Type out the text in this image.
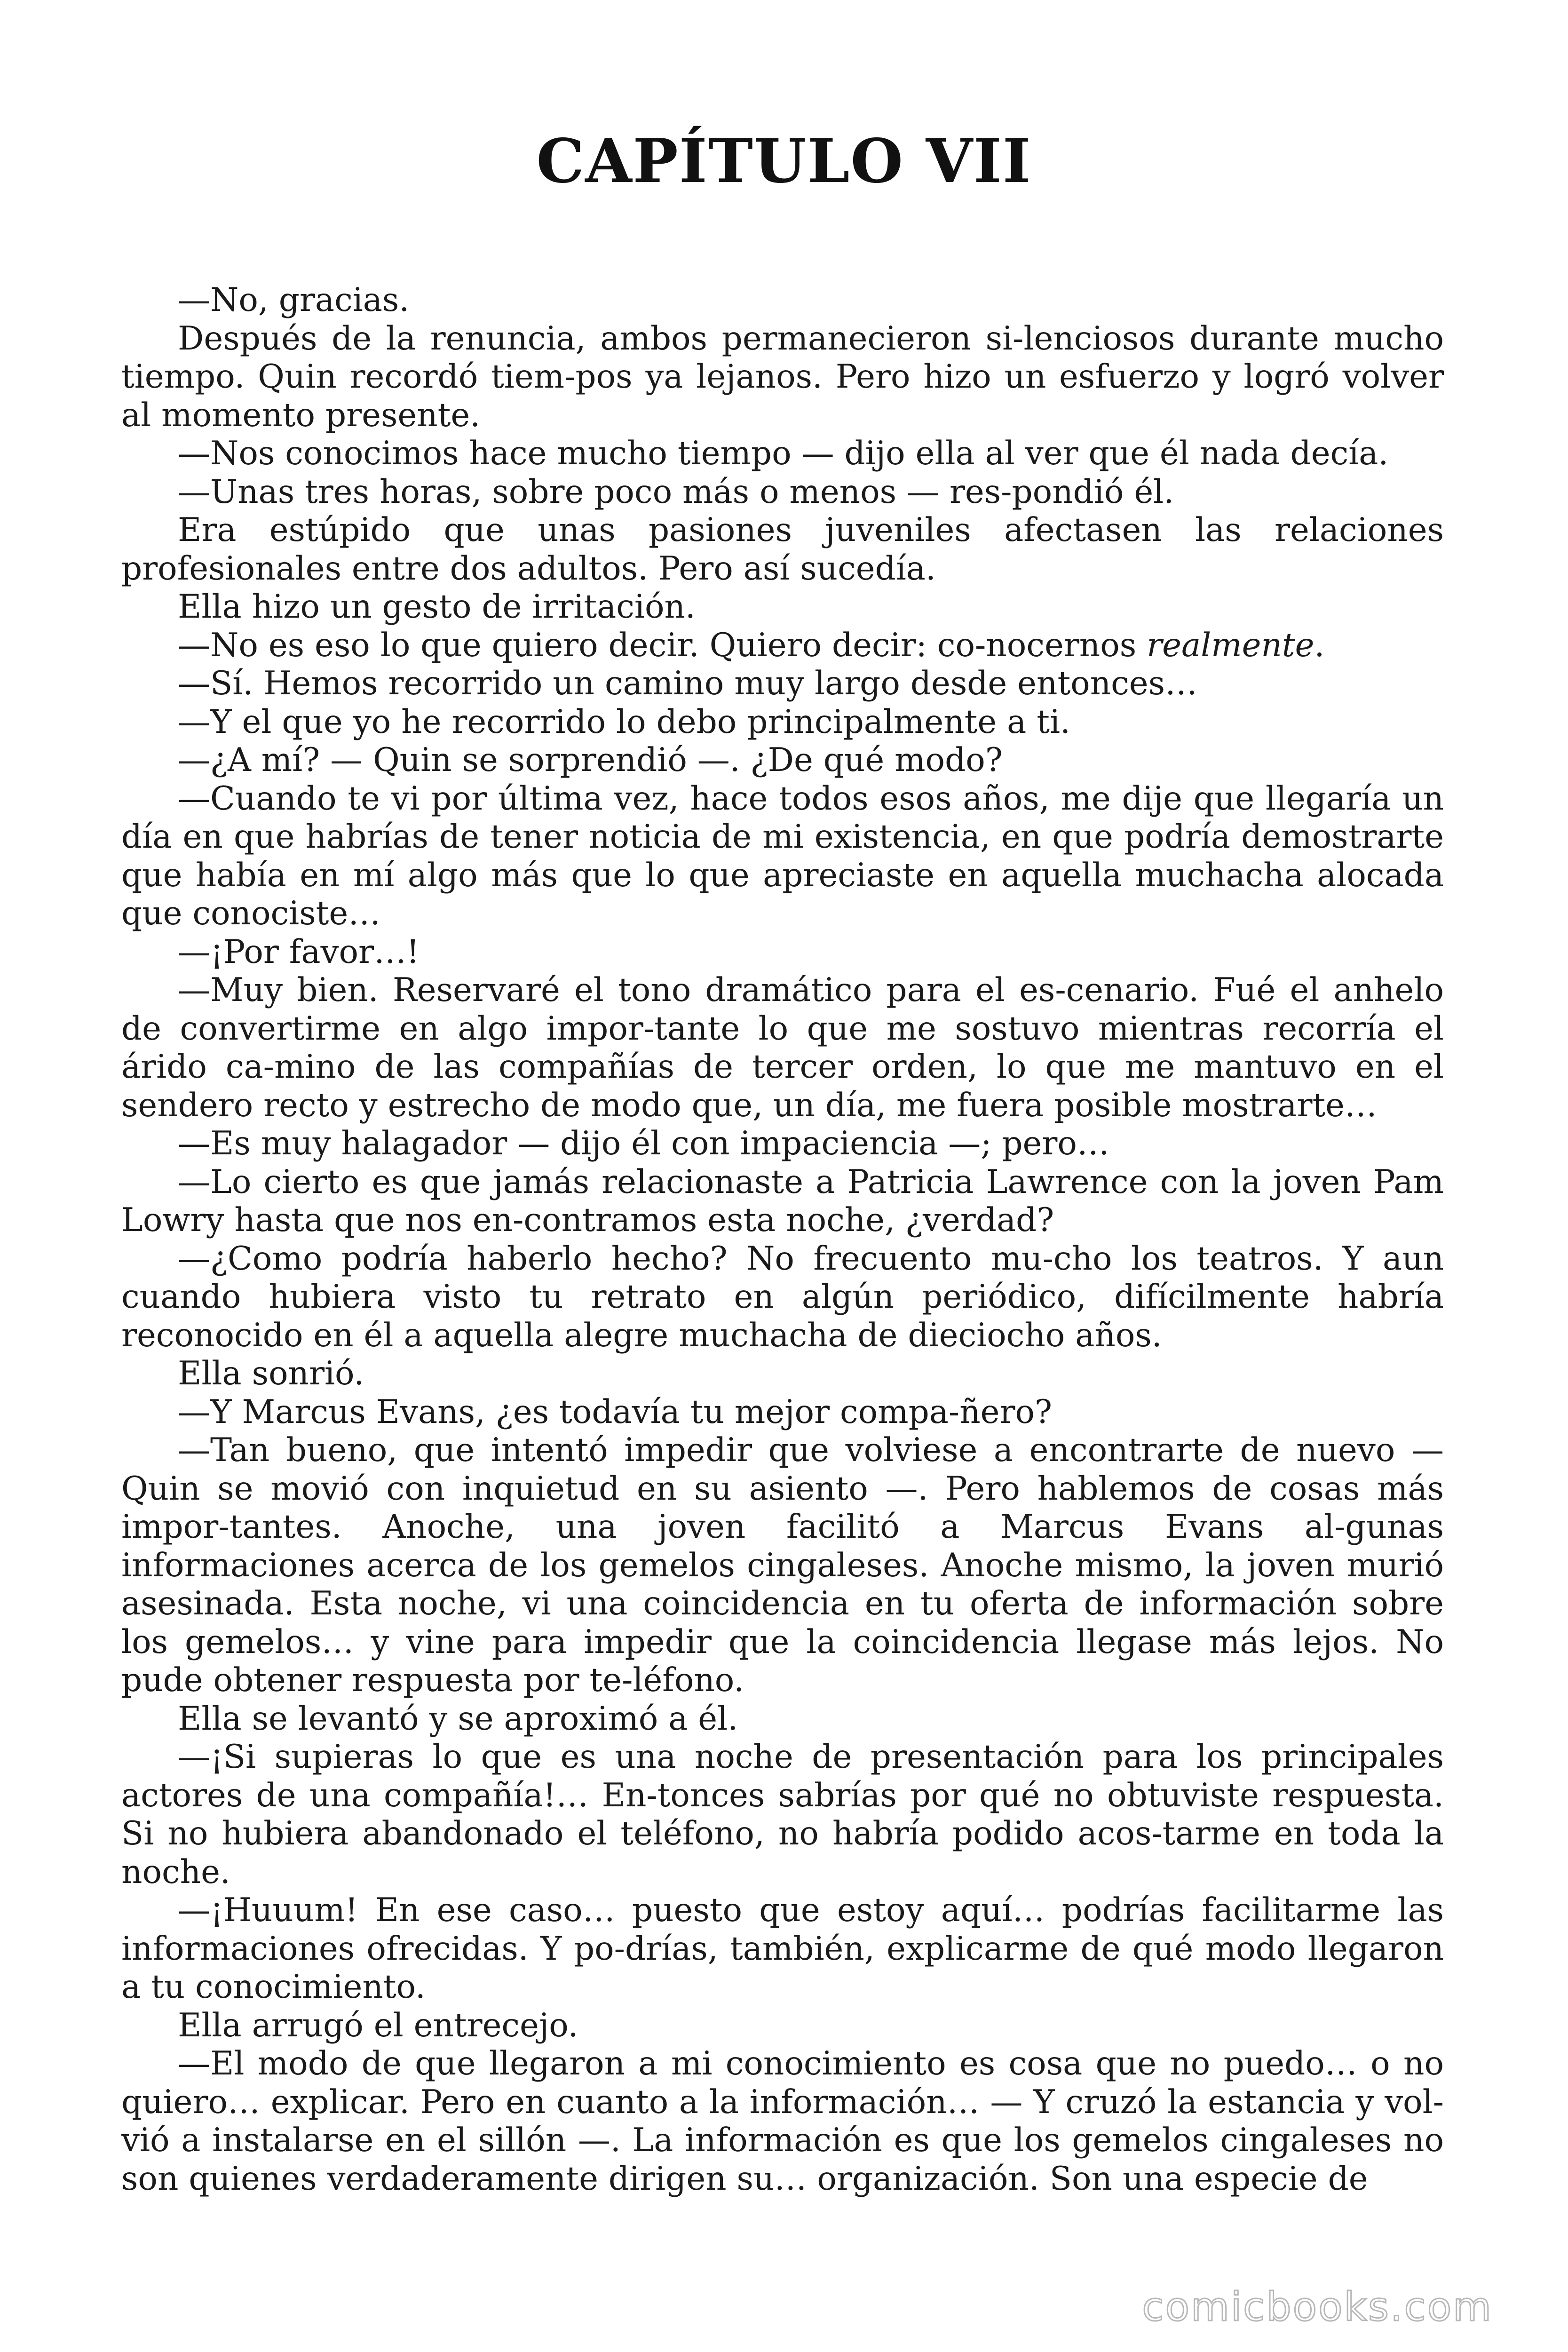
CAPÍTULO VII

—No, gracias.

Después de la renuncia, ambos permanecieron si-lenciosos durante mucho tiempo. Quin recordó tiem-pos ya lejanos. Pero hizo un esfuerzo y logró volver al momento presente.

—Nos conocimos hace mucho tiempo — dijo ella al ver que él nada decía.

—Unas tres horas, sobre poco más o menos — res-pondió él.

Era estúpido que unas pasiones juveniles afectasen las relaciones profesionales entre dos adultos. Pero así sucedía.

Ella hizo un gesto de irritación.

—No es eso lo que quiero decir. Quiero decir: co-nocernos realmente.

—Sí. Hemos recorrido un camino muy largo desde entonces…

—Y el que yo he recorrido lo debo principalmente a ti.

—¿A mí? — Quin se sorprendió —. ¿De qué modo?

—Cuando te vi por última vez, hace todos esos años, me dije que llegaría un día en que habrías de tener noticia de mi existencia, en que podría demostrarte que había en mí algo más que lo que apreciaste en aquella muchacha alocada que conociste…

—¡Por favor…!

—Muy bien. Reservaré el tono dramático para el es-cenario. Fué el anhelo de convertirme en algo impor-tante lo que me sostuvo mientras recorría el árido ca-mino de las compañías de tercer orden, lo que me mantuvo en el sendero recto y estrecho de modo que, un día, me fuera posible mostrarte…

—Es muy halagador — dijo él con impaciencia —; pero…

—Lo cierto es que jamás relacionaste a Patricia Lawrence con la joven Pam Lowry hasta que nos en-contramos esta noche, ¿verdad?

—¿Como podría haberlo hecho? No frecuento mu-cho los teatros. Y aun cuando hubiera visto tu retrato en algún periódico, difícilmente habría reconocido en él a aquella alegre muchacha de dieciocho años.

Ella sonrió.

—Y Marcus Evans, ¿es todavía tu mejor compa-ñero?

—Tan bueno, que intentó impedir que volviese a encontrarte de nuevo — Quin se movió con inquietud en su asiento —. Pero hablemos de cosas más impor-tantes. Anoche, una joven facilitó a Marcus Evans al-gunas informaciones acerca de los gemelos cingaleses. Anoche mismo, la joven murió asesinada. Esta noche, vi una coincidencia en tu oferta de información sobre los gemelos… y vine para impedir que la coincidencia llegase más lejos. No pude obtener respuesta por te-léfono.

Ella se levantó y se aproximó a él.

—¡Si supieras lo que es una noche de presentación para los principales actores de una compañía!… En-tonces sabrías por qué no obtuviste respuesta. Si no hubiera abandonado el teléfono, no habría podido acos-tarme en toda la noche.

—¡Huuum! En ese caso… puesto que estoy aquí… podrías facilitarme las informaciones ofrecidas. Y po-drías, también, explicarme de qué modo llegaron a tu conocimiento.

Ella arrugó el entrecejo.

—El modo de que llegaron a mi conocimiento es cosa que no puedo… o no quiero… explicar. Pero en cuanto a la información… — Y cruzó la estancia y vol-vió a instalarse en el sillón —. La información es que los gemelos cingaleses no son quienes verdaderamente dirigen su… organización. Son una especie de

comicbooks.com
